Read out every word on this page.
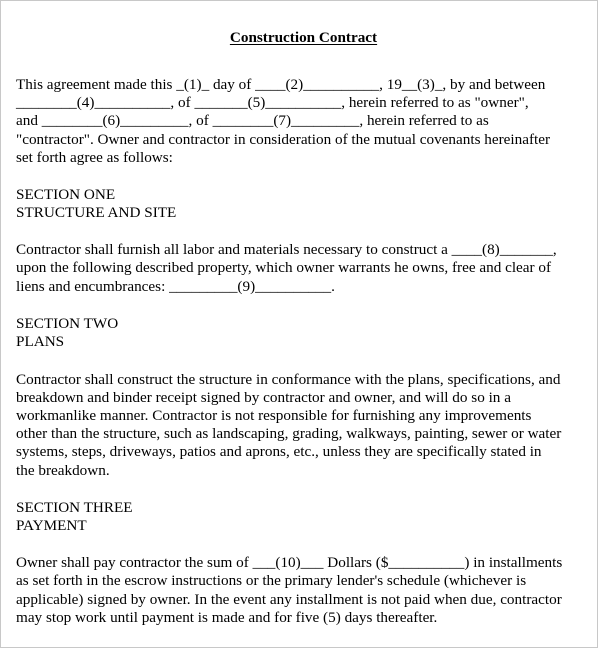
Construction Contract
This agreement made this _(1)_ day of ____(2)__________, 19__(3)_, by and between
________(4)__________, of _______(5)__________, herein referred to as "owner",
and ________(6)_________, of ________(7)_________, herein referred to as
"contractor". Owner and contractor in consideration of the mutual covenants hereinafter
set forth agree as follows:
SECTION ONE
STRUCTURE AND SITE
Contractor shall furnish all labor and materials necessary to construct a ____(8)_______,
upon the following described property, which owner warrants he owns, free and clear of
liens and encumbrances: _________(9)__________.
SECTION TWO
PLANS
Contractor shall construct the structure in conformance with the plans, specifications, and
breakdown and binder receipt signed by contractor and owner, and will do so in a
workmanlike manner. Contractor is not responsible for furnishing any improvements
other than the structure, such as landscaping, grading, walkways, painting, sewer or water
systems, steps, driveways, patios and aprons, etc., unless they are specifically stated in
the breakdown.
SECTION THREE
PAYMENT
Owner shall pay contractor the sum of ___(10)___ Dollars ($__________) in installments
as set forth in the escrow instructions or the primary lender's schedule (whichever is
applicable) signed by owner. In the event any installment is not paid when due, contractor
may stop work until payment is made and for five (5) days thereafter.
